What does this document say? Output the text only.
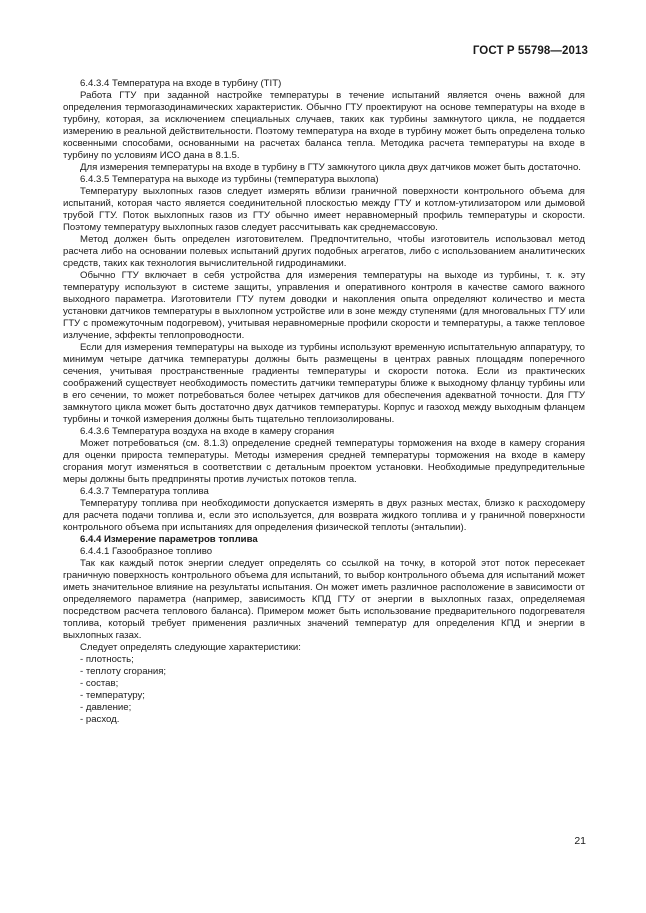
ГОСТ Р 55798—2013

6.4.3.4 Температура на входе в турбину (TIT)

Работа ГТУ при заданной настройке температуры в течение испытаний является очень важной для определения термогазодинамических характеристик. Обычно ГТУ проектируют на основе температуры на входе в турбину, которая, за исключением специальных случаев, таких как турбины замкнутого цикла, не поддается измерению в реальной действительности. Поэтому температура на входе в турбину может быть определена только косвенными способами, основанными на расчетах баланса тепла. Методика расчета температуры на входе в турбину по условиям ИСО дана в 8.1.5.

Для измерения температуры на входе в турбину в ГТУ замкнутого цикла двух датчиков может быть достаточно.

6.4.3.5 Температура на выходе из турбины (температура выхлопа)

Температуру выхлопных газов следует измерять вблизи граничной поверхности контрольного объема для испытаний, которая часто является соединительной плоскостью между ГТУ и котлом-утилизатором или дымовой трубой ГТУ. Поток выхлопных газов из ГТУ обычно имеет неравномерный профиль температуры и скорости. Поэтому температуру выхлопных газов следует рассчитывать как среднемассовую.

Метод должен быть определен изготовителем. Предпочтительно, чтобы изготовитель использовал метод расчета либо на основании полевых испытаний других подобных агрегатов, либо с использованием аналитических средств, таких как технология вычислительной гидродинамики.

Обычно ГТУ включает в себя устройства для измерения температуры на выходе из турбины, т. к. эту температуру используют в системе защиты, управления и оперативного контроля в качестве самого важного выходного параметра. Изготовители ГТУ путем доводки и накопления опыта определяют количество и места установки датчиков температуры в выхлопном устройстве или в зоне между ступенями (для многовальных ГТУ или ГТУ с промежуточным подогревом), учитывая неравномерные профили скорости и температуры, а также тепловое излучение, эффекты теплопроводности.

Если для измерения температуры на выходе из турбины используют временную испытательную аппаратуру, то минимум четыре датчика температуры должны быть размещены в центрах равных площадям поперечного сечения, учитывая пространственные градиенты температуры и скорости потока. Если из практических соображений существует необходимость поместить датчики температуры ближе к выходному фланцу турбины или в его сечении, то может потребоваться более четырех датчиков для обеспечения адекватной точности. Для ГТУ замкнутого цикла может быть достаточно двух датчиков температуры. Корпус и газоход между выходным фланцем турбины и точкой измерения должны быть тщательно теплоизолированы.

6.4.3.6 Температура воздуха на входе в камеру сгорания

Может потребоваться (см. 8.1.3) определение средней температуры торможения на входе в камеру сгорания для оценки прироста температуры. Методы измерения средней температуры торможения на входе в камеру сгорания могут изменяться в соответствии с детальным проектом установки. Необходимые предупредительные меры должны быть предприняты против лучистых потоков тепла.

6.4.3.7 Температура топлива

Температуру топлива при необходимости допускается измерять в двух разных местах, близко к расходомеру для расчета подачи топлива и, если это используется, для возврата жидкого топлива и у граничной поверхности контрольного объема при испытаниях для определения физической теплоты (энтальпии).

6.4.4 Измерение параметров топлива

6.4.4.1 Газообразное топливо

Так как каждый поток энергии следует определять со ссылкой на точку, в которой этот поток пересекает граничную поверхность контрольного объема для испытаний, то выбор контрольного объема для испытаний может иметь значительное влияние на результаты испытания. Он может иметь различное расположение в зависимости от определяемого параметра (например, зависимость КПД ГТУ от энергии в выхлопных газах, определяемая посредством расчета теплового баланса). Примером может быть использование предварительного подогревателя топлива, который требует применения различных значений температур для определения КПД и энергии в выхлопных газах.

Следует определять следующие характеристики:

- плотность;
- теплоту сгорания;
- состав;
- температуру;
- давление;
- расход.
21
